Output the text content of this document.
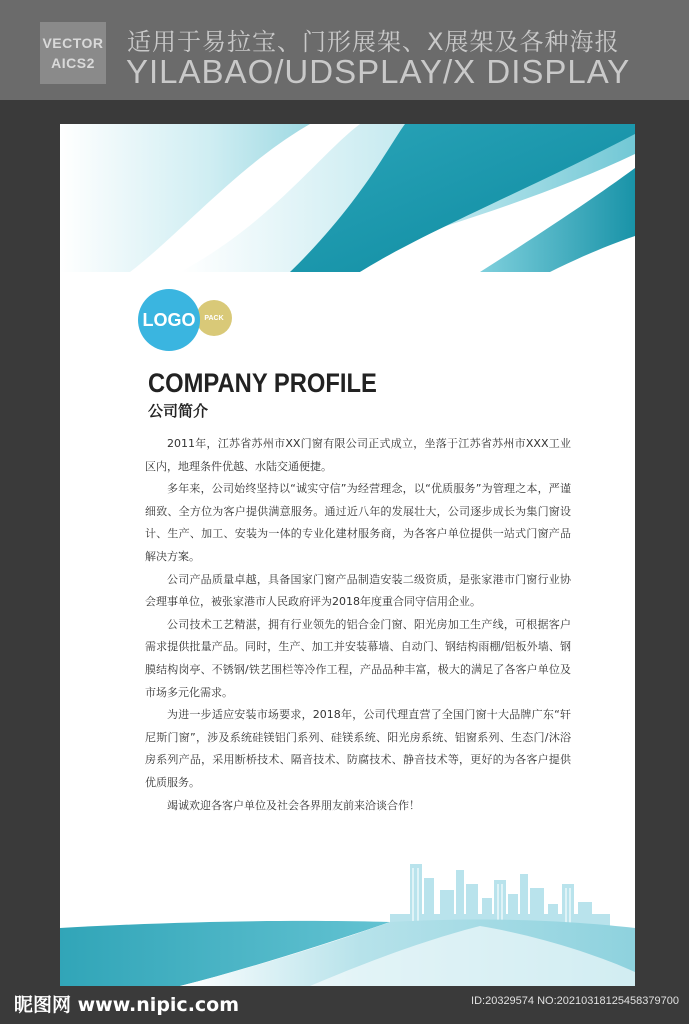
VECTOR
AICS2
适用于易拉宝、门形展架、X展架及各种海报
YILABAO/UDSPLAY/X DISPLAY
PACK
LOGO
COMPANY PROFILE
公司简介

2011年，江苏省苏州市XX门窗有限公司正式成立，坐落于江苏省苏州市XXX工业区内，地理条件优越、水陆交通便捷。

多年来，公司始终坚持以“诚实守信”为经营理念，以“优质服务”为管理之本，严谨细致、全方位为客户提供满意服务。通过近八年的发展壮大，公司逐步成长为集门窗设计、生产、加工、安装为一体的专业化建材服务商，为各客户单位提供一站式门窗产品解决方案。

公司产品质量卓越，具备国家门窗产品制造安装二级资质，是张家港市门窗行业协会理事单位，被张家港市人民政府评为2018年度重合同守信用企业。

公司技术工艺精湛，拥有行业领先的铝合金门窗、阳光房加工生产线，可根据客户需求提供批量产品。同时，生产、加工并安装幕墙、自动门、钢结构雨棚/铝板外墙、钢膜结构岗亭、不锈钢/铁艺围栏等冷作工程，产品品种丰富，极大的满足了各客户单位及市场多元化需求。

为进一步适应安装市场要求，2018年，公司代理直营了全国门窗十大品牌广东“轩尼斯门窗”，涉及系统硅镁铝门系列、硅镁系统、阳光房系统、铝窗系列、生态门/沐浴房系列产品，采用断桥技术、隔音技术、防腐技术、静音技术等，更好的为各客户提供优质服务。

竭诚欢迎各客户单位及社会各界朋友前来洽谈合作！

昵图网 www.nipic.com	ID:20329574 NO:20210318125458379700
